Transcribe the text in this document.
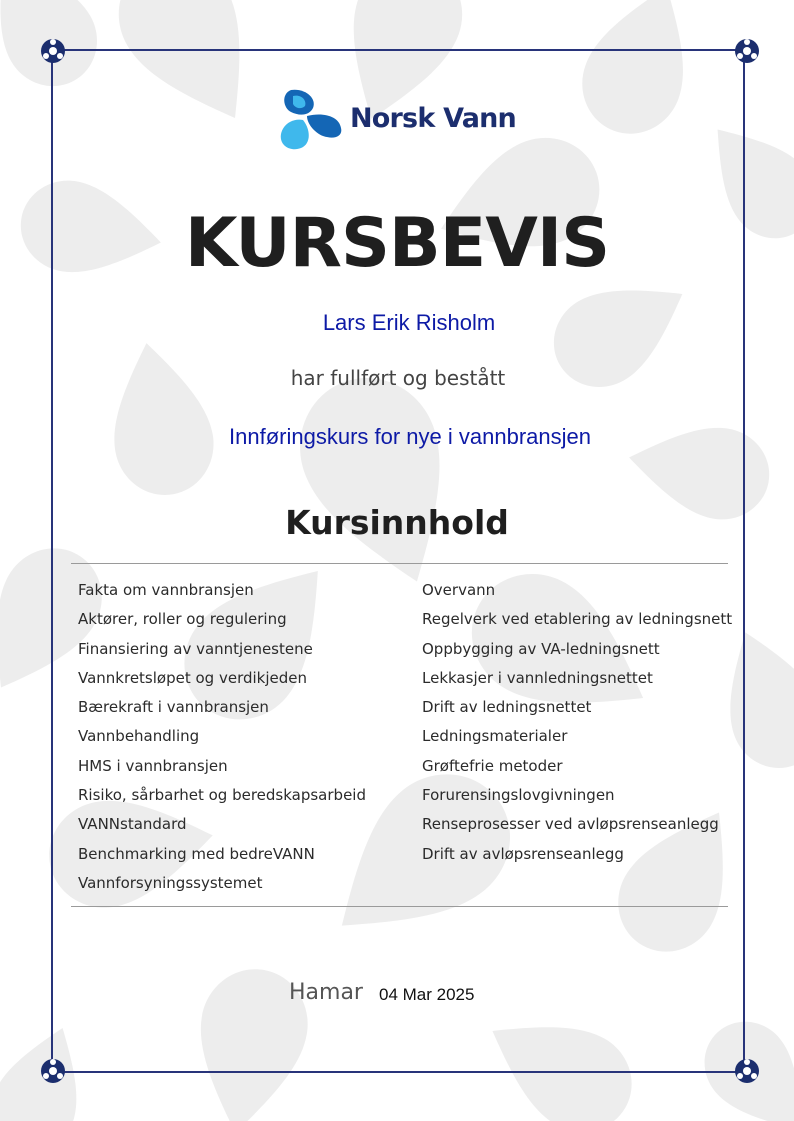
Norsk Vann
KURSBEVIS
Lars Erik Risholm
har fullført og bestått
Innføringskurs for nye i vannbransjen
Kursinnhold
Fakta om vannbransjen
Aktører, roller og regulering
Finansiering av vanntjenestene
Vannkretsløpet og verdikjeden
Bærekraft i vannbransjen
Vannbehandling
HMS i vannbransjen
Risiko, sårbarhet og beredskapsarbeid
VANNstandard
Benchmarking med bedreVANN
Vannforsyningssystemet
Overvann
Regelverk ved etablering av ledningsnett
Oppbygging av VA-ledningsnett
Lekkasjer i vannledningsnettet
Drift av ledningsnettet
Ledningsmaterialer
Grøftefrie metoder
Forurensingslovgivningen
Renseprosesser ved avløpsrenseanlegg
Drift av avløpsrenseanlegg
Hamar 04 Mar 2025
